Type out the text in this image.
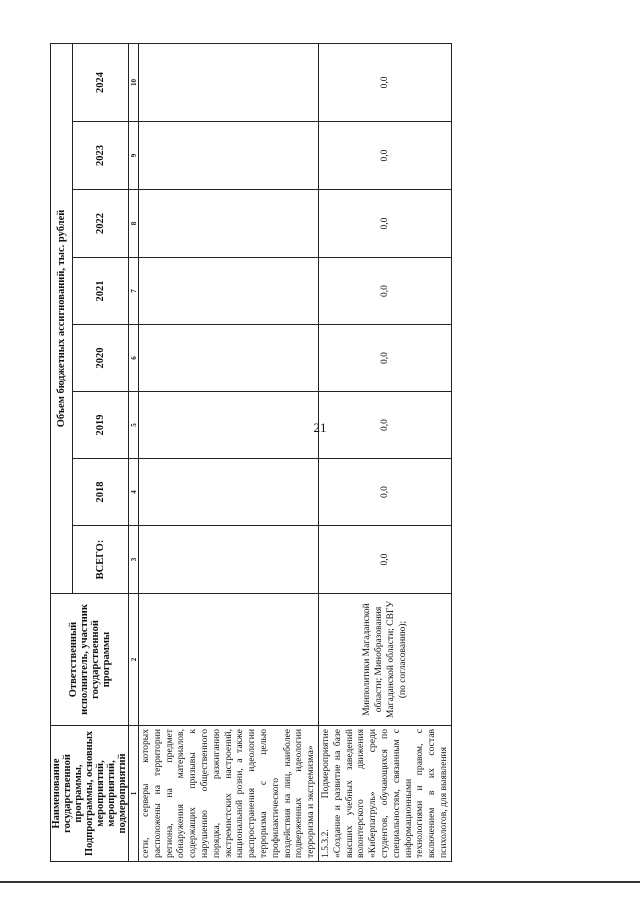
21
Наименование государственной программы, Подпрограммы, основных мероприятий, мероприятий, подмероприятий	Ответственный исполнитель, участник государственной программы	Объем бюджетных ассигнований, тыс. рублей							
		ВСЕГО:	2018	2019	2020	2021	2022	2023	2024
1	2	3	4	5	6	7	8	9	10
сети, серверы которых расположены на территории региона, на предмет обнаружения материалов, содержащих призывы к нарушению общественного порядка, разжиганию экстремистских настроений, национальной розни, а также распространения идеологии терроризма с целью профилактического воздействия на лиц, наиболее подверженных идеологии терроризма и экстремизма»									
1.5.3.2. Подмероприятие «Создание и развитие на базе высших учебных заведений волонтерского движения «Киберпатруль» среди студентов, обучающихся по специальностям, связанным с информационными технологиями и правом, с включением в их состав психологов, для выявления	Минполитики Магаданской области; Минобразования Магаданской области; СВГУ (по согласованию);	0,0	0,0	0,0	0,0	0,0	0,0	0,0	0,0
